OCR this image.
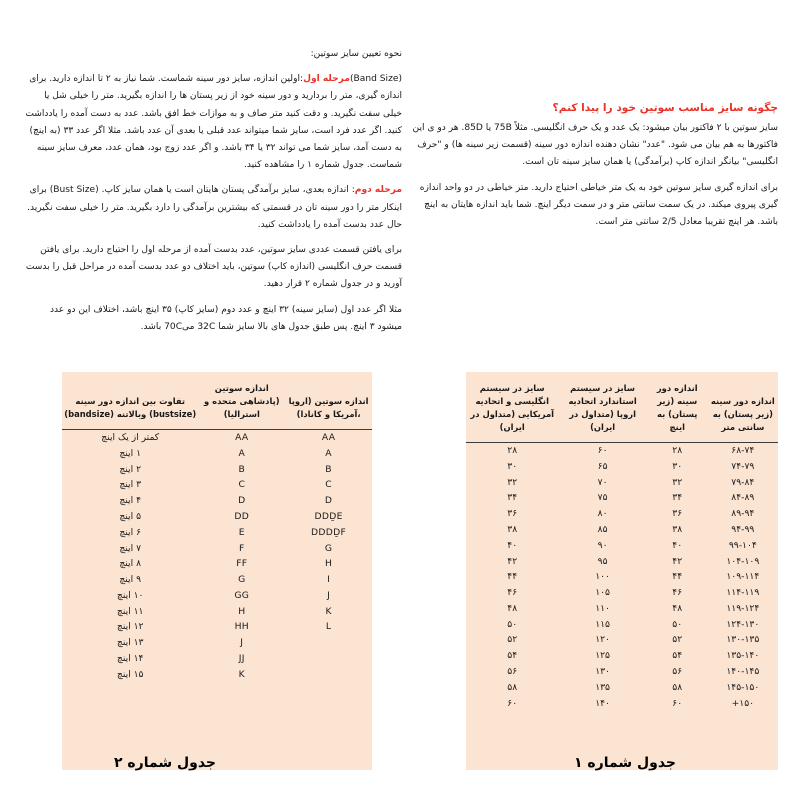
نحوه تعیین سایز سوتین:
(Band Size)مرحله اول:اولین اندازه، سایز دور سینه شماست. شما نیاز به ۲ تا اندازه دارید. برای اندازه گیری، متر را بردارید و دور سینه خود از زیر پستان ها را اندازه بگیرید. متر را خیلی شل یا خیلی سفت نگیرید. و دقت کنید متر صاف و به موازات خط افق باشد. عدد به دست آمده را یادداشت کنید. اگر عدد فرد است، سایز شما میتواند عدد قبلی یا بعدی آن عدد باشد. مثلا اگر عدد ۳۳ (به اینچ) به دست آمد، سایز شما می تواند ۳۲ یا ۳۴ باشد. و اگر عدد زوج بود، همان عدد، معرف سایز سینه شماست. جدول شماره ۱ را مشاهده کنید.
مرحله دوم: اندازه بعدی، سایز برآمدگی پستان هایتان است یا همان سایز کاپ. (Bust Size) برای اینکار متر را دور سینه تان در قسمتی که بیشترین برآمدگی را دارد بگیرید. متر را خیلی سفت نگیرید. حال عدد بدست آمده را یادداشت کنید.
برای یافتن قسمت عددی سایز سوتین، عدد بدست آمده از مرحله اول را احتیاج دارید. برای یافتن قسمت حرف انگلیسی (اندازه کاپ) سوتین، باید اختلاف دو عدد بدست آمده در مراحل قبل را بدست آورید و در جدول شماره ۲ قرار دهید.
مثلا اگر عدد اول (سایز سینه) ۳۲ اینچ و عدد دوم (سایز کاپ) ۳۵ اینچ باشد، اختلاف این دو عدد میشود ۳ اینچ. پس طبق جدول های بالا سایز شما 32C می70C باشد.
چگونه سایز مناسب سوتین خود را پیدا کنم؟
سایز سوتین با ۲ فاکتور بیان میشود: یک عدد و یک حرف انگلیسی. مثلاً 75B یا 85D. هر دو ی این فاکتورها به هم بیان می شود. "عدد" نشان دهنده اندازه دور سینه (قسمت زیر سینه ها) و "حرف انگلیسی" بیانگر اندازه کاپ (برآمدگی) یا همان سایز سینه تان است.
برای اندازه گیری سایز سوتین خود به یک متر خیاطی احتیاج دارید. متر خیاطی در دو واحد اندازه گیری پیروی میکند. در یک سمت سانتی متر و در سمت دیگر اینچ. شما باید اندازه هایتان به اینچ باشد. هر اینچ تقریبا معادل 2/5 سانتی متر است.
اندازه دور سینه (زیر پستان) به سانتی متر	اندازه دور سینه (زیر پستان) به اینچ	سایز در سیستم استاندارد اتحادیه اروپا (متداول در ایران)	سایز در سیستم انگلیسی و اتحادیه آمریکایی (متداول در ایران)
۶۸-۷۴	۲۸	۶۰	۲۸
۷۴-۷۹	۳۰	۶۵	۳۰
۷۹-۸۴	۳۲	۷۰	۳۲
۸۴-۸۹	۳۴	۷۵	۳۴
۸۹-۹۴	۳۶	۸۰	۳۶
۹۴-۹۹	۳۸	۸۵	۳۸
۹۹-۱۰۴	۴۰	۹۰	۴۰
۱۰۴-۱۰۹	۴۲	۹۵	۴۲
۱۰۹-۱۱۴	۴۴	۱۰۰	۴۴
۱۱۴-۱۱۹	۴۶	۱۰۵	۴۶
۱۱۹-۱۲۴	۴۸	۱۱۰	۴۸
۱۲۴-۱۳۰	۵۰	۱۱۵	۵۰
۱۳۰-۱۳۵	۵۲	۱۲۰	۵۲
۱۳۵-۱۴۰	۵۴	۱۲۵	۵۴
۱۴۰-۱۴۵	۵۶	۱۳۰	۵۶
۱۴۵-۱۵۰	۵۸	۱۳۵	۵۸
۱۵۰+	۶۰	۱۴۰	۶۰
جدول شماره ۱
اندازه سوتین (اروپا ،آمریکا و کانادا)	اندازه سوتین (پادشاهی متحده و استرالیا)	تفاوت بین اندازه دور سینه (bustsize) وبالاتنه (bandsize)
AA	AA	کمتر از یک اینچ
A	A	۱ اینچ
B	B	۲ اینچ
C	C	۳ اینچ
D	D	۴ اینچ
DDḎE	DD	۵ اینچ
DDDḎF	E	۶ اینچ
G	F	۷ اینچ
H	FF	۸ اینچ
I	G	۹ اینچ
J	GG	۱۰ اینچ
K	H	۱۱ اینچ
L	HH	۱۲ اینچ
	J	۱۳ اینچ
	JJ	۱۴ اینچ
	K	۱۵ اینچ
جدول شماره ۲
